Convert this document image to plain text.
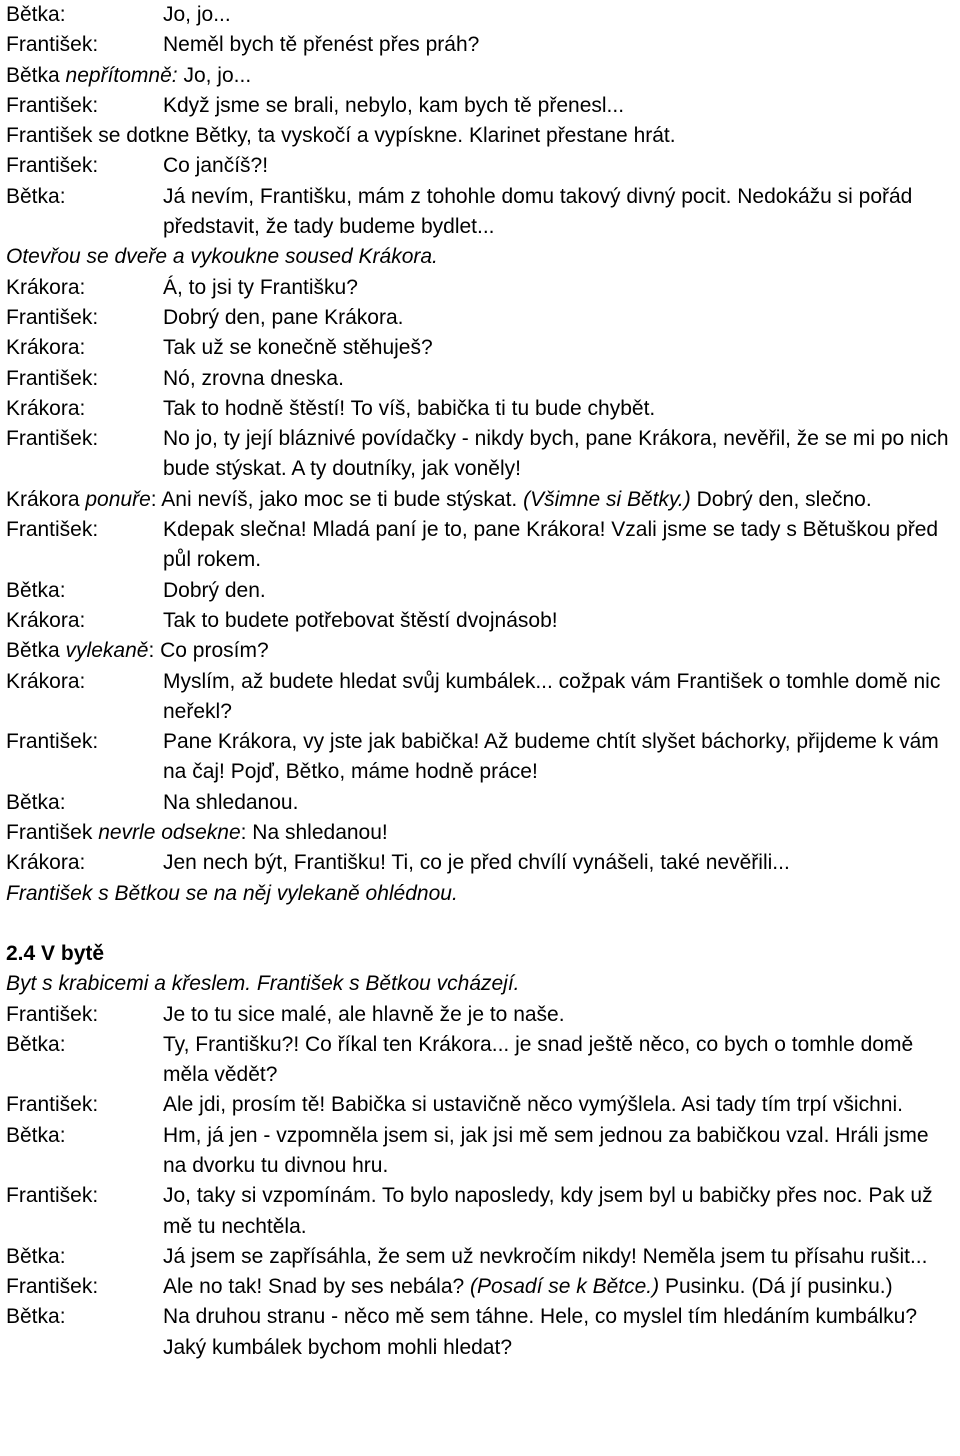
Bětka:	Jo, jo...
František:	Neměl bych tě přenést přes práh?
Bětka nepřítomně: Jo, jo...
František:	Když jsme se brali, nebylo, kam bych tě přenesl...
František se dotkne Bětky, ta vyskočí a vypískne. Klarinet přestane hrát.
František:	Co jančíš?!
Bětka:	Já nevím, Františku, mám z tohohle domu takový divný pocit. Nedokážu si pořád představit, že tady budeme bydlet...
Otevřou se dveře a vykoukne soused Krákora.
Krákora:	Á, to jsi ty Františku?
František:	Dobrý den, pane Krákora.
Krákora:	Tak už se konečně stěhuješ?
František:	Nó, zrovna dneska.
Krákora:	Tak to hodně štěstí! To víš, babička ti tu bude chybět.
František:	No jo, ty její bláznivé povídačky - nikdy bych, pane Krákora, nevěřil, že se mi po nich bude stýskat. A ty doutníky, jak voněly!
Krákora ponuře: Ani nevíš, jako moc se ti bude stýskat. (Všimne si Bětky.) Dobrý den, slečno.
František:	Kdepak slečna! Mladá paní je to, pane Krákora! Vzali jsme se tady s Bětuškou před půl rokem.
Bětka:	Dobrý den.
Krákora:	Tak to budete potřebovat štěstí dvojnásob!
Bětka vylekaně: Co prosím?
Krákora:	Myslím, až budete hledat svůj kumbálek... cožpak vám František o tomhle domě nic neřekl?
František:	Pane Krákora, vy jste jak babička! Až budeme chtít slyšet báchorky, přijdeme k vám na čaj! Pojď, Bětko, máme hodně práce!
Bětka:	Na shledanou.
František nevrle odsekne: Na shledanou!
Krákora:	Jen nech být, Františku! Ti, co je před chvílí vynášeli, také nevěřili...
František s Bětkou se na něj vylekaně ohlédnou.
2.4 V bytě
Byt s krabicemi a křeslem. František s Bětkou vcházejí.
František:	Je to tu sice malé, ale hlavně že je to naše.
Bětka:	Ty, Františku?! Co říkal ten Krákora... je snad ještě něco, co bych o tomhle domě měla vědět?
František:	Ale jdi, prosím tě! Babička si ustavičně něco vymýšlela. Asi tady tím trpí všichni.
Bětka:	Hm, já jen - vzpomněla jsem si, jak jsi mě sem jednou za babičkou vzal. Hráli jsme na dvorku tu divnou hru.
František:	Jo, taky si vzpomínám. To bylo naposledy, kdy jsem byl u babičky přes noc. Pak už mě tu nechtěla.
Bětka:	Já jsem se zapřísáhla, že sem už nevkročím nikdy! Neměla jsem tu přísahu rušit...
František:	Ale no tak! Snad by ses nebála? (Posadí se k Bětce.) Pusinku. (Dá jí pusinku.)
Bětka:	Na druhou stranu - něco mě sem táhne. Hele, co myslel tím hledáním kumbálku? Jaký kumbálek bychom mohli hledat?
